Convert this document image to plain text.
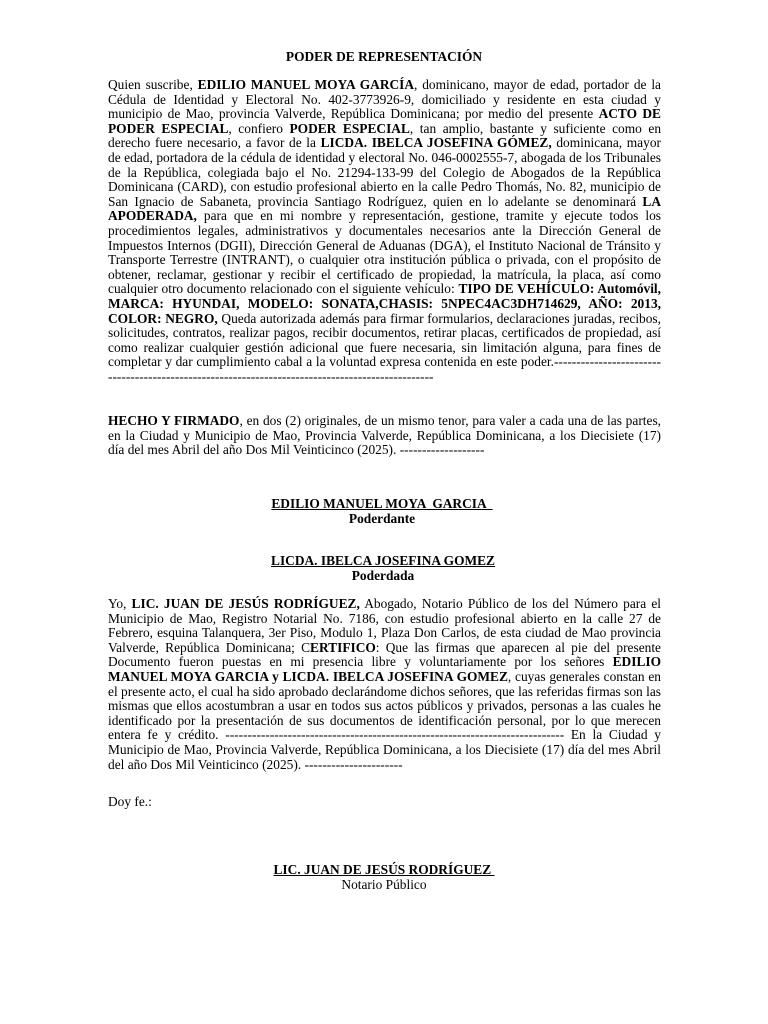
PODER DE REPRESENTACIÓN
Quien suscribe, EDILIO MANUEL MOYA GARCÍA, dominicano, mayor de edad, portador de la Cédula de Identidad y Electoral No. 402-3773926-9, domiciliado y residente en esta ciudad y municipio de Mao, provincia Valverde, República Dominicana; por medio del presente ACTO DE PODER ESPECIAL, confiero PODER ESPECIAL, tan amplio, bastante y suficiente como en derecho fuere necesario, a favor de la LICDA. IBELCA JOSEFINA GÓMEZ, dominicana, mayor de edad, portadora de la cédula de identidad y electoral No. 046-0002555-7, abogada de los Tribunales de la República, colegiada bajo el No. 21294-133-99 del Colegio de Abogados de la República Dominicana (CARD), con estudio profesional abierto en la calle Pedro Thomás, No. 82, municipio de San Ignacio de Sabaneta, provincia Santiago Rodríguez, quien en lo adelante se denominará LA APODERADA, para que en mi nombre y representación, gestione, tramite y ejecute todos los procedimientos legales, administrativos y documentales necesarios ante la Dirección General de Impuestos Internos (DGII), Dirección General de Aduanas (DGA), el Instituto Nacional de Tránsito y Transporte Terrestre (INTRANT), o cualquier otra institución pública o privada, con el propósito de obtener, reclamar, gestionar y recibir el certificado de propiedad, la matrícula, la placa, así como cualquier otro documento relacionado con el siguiente vehículo: TIPO DE VEHÍCULO: Automóvil, MARCA: HYUNDAI, MODELO: SONATA,CHASIS: 5NPEC4AC3DH714629, AÑO: 2013, COLOR: NEGRO, Queda autorizada además para firmar formularios, declaraciones juradas, recibos, solicitudes, contratos, realizar pagos, recibir documentos, retirar placas, certificados de propiedad, así como realizar cualquier gestión adicional que fuere necesaria, sin limitación alguna, para fines de completar y dar cumplimiento cabal a la voluntad expresa contenida en este poder.-------------------------------------------------------------------------------------------------
HECHO Y FIRMADO, en dos (2) originales, de un mismo tenor, para valer a cada una de las partes, en la Ciudad y Municipio de Mao, Provincia Valverde, República Dominicana, a los Diecisiete (17) día del mes Abril del año Dos Mil Veinticinco (2025). -------------------
EDILIO MANUEL MOYA  GARCIA
Poderdante
LICDA. IBELCA JOSEFINA GOMEZ
Poderdada
Yo, LIC. JUAN DE JESÚS RODRÍGUEZ, Abogado, Notario Público de los del Número para el Municipio de Mao, Registro Notarial No. 7186, con estudio profesional abierto en la calle 27 de Febrero, esquina Talanquera, 3er Piso, Modulo 1, Plaza Don Carlos, de esta ciudad de Mao provincia Valverde, República Dominicana; CERTIFICO: Que las firmas que aparecen al pie del presente Documento fueron puestas en mi presencia libre y voluntariamente por los señores EDILIO MANUEL MOYA GARCIA y LICDA. IBELCA JOSEFINA GOMEZ, cuyas generales constan en el presente acto, el cual ha sido aprobado declarándome dichos señores, que las referidas firmas son las mismas que ellos acostumbran a usar en todos sus actos públicos y privados, personas a las cuales he identificado por la presentación de sus documentos de identificación personal, por lo que merecen entera fe y crédito. ---------------------------------------------------------------------------- En la Ciudad y Municipio de Mao, Provincia Valverde, República Dominicana, a los Diecisiete (17) día del mes Abril del año Dos Mil Veinticinco (2025). ----------------------
Doy fe.:
LIC. JUAN DE JESÚS RODRÍGUEZ
Notario Público
